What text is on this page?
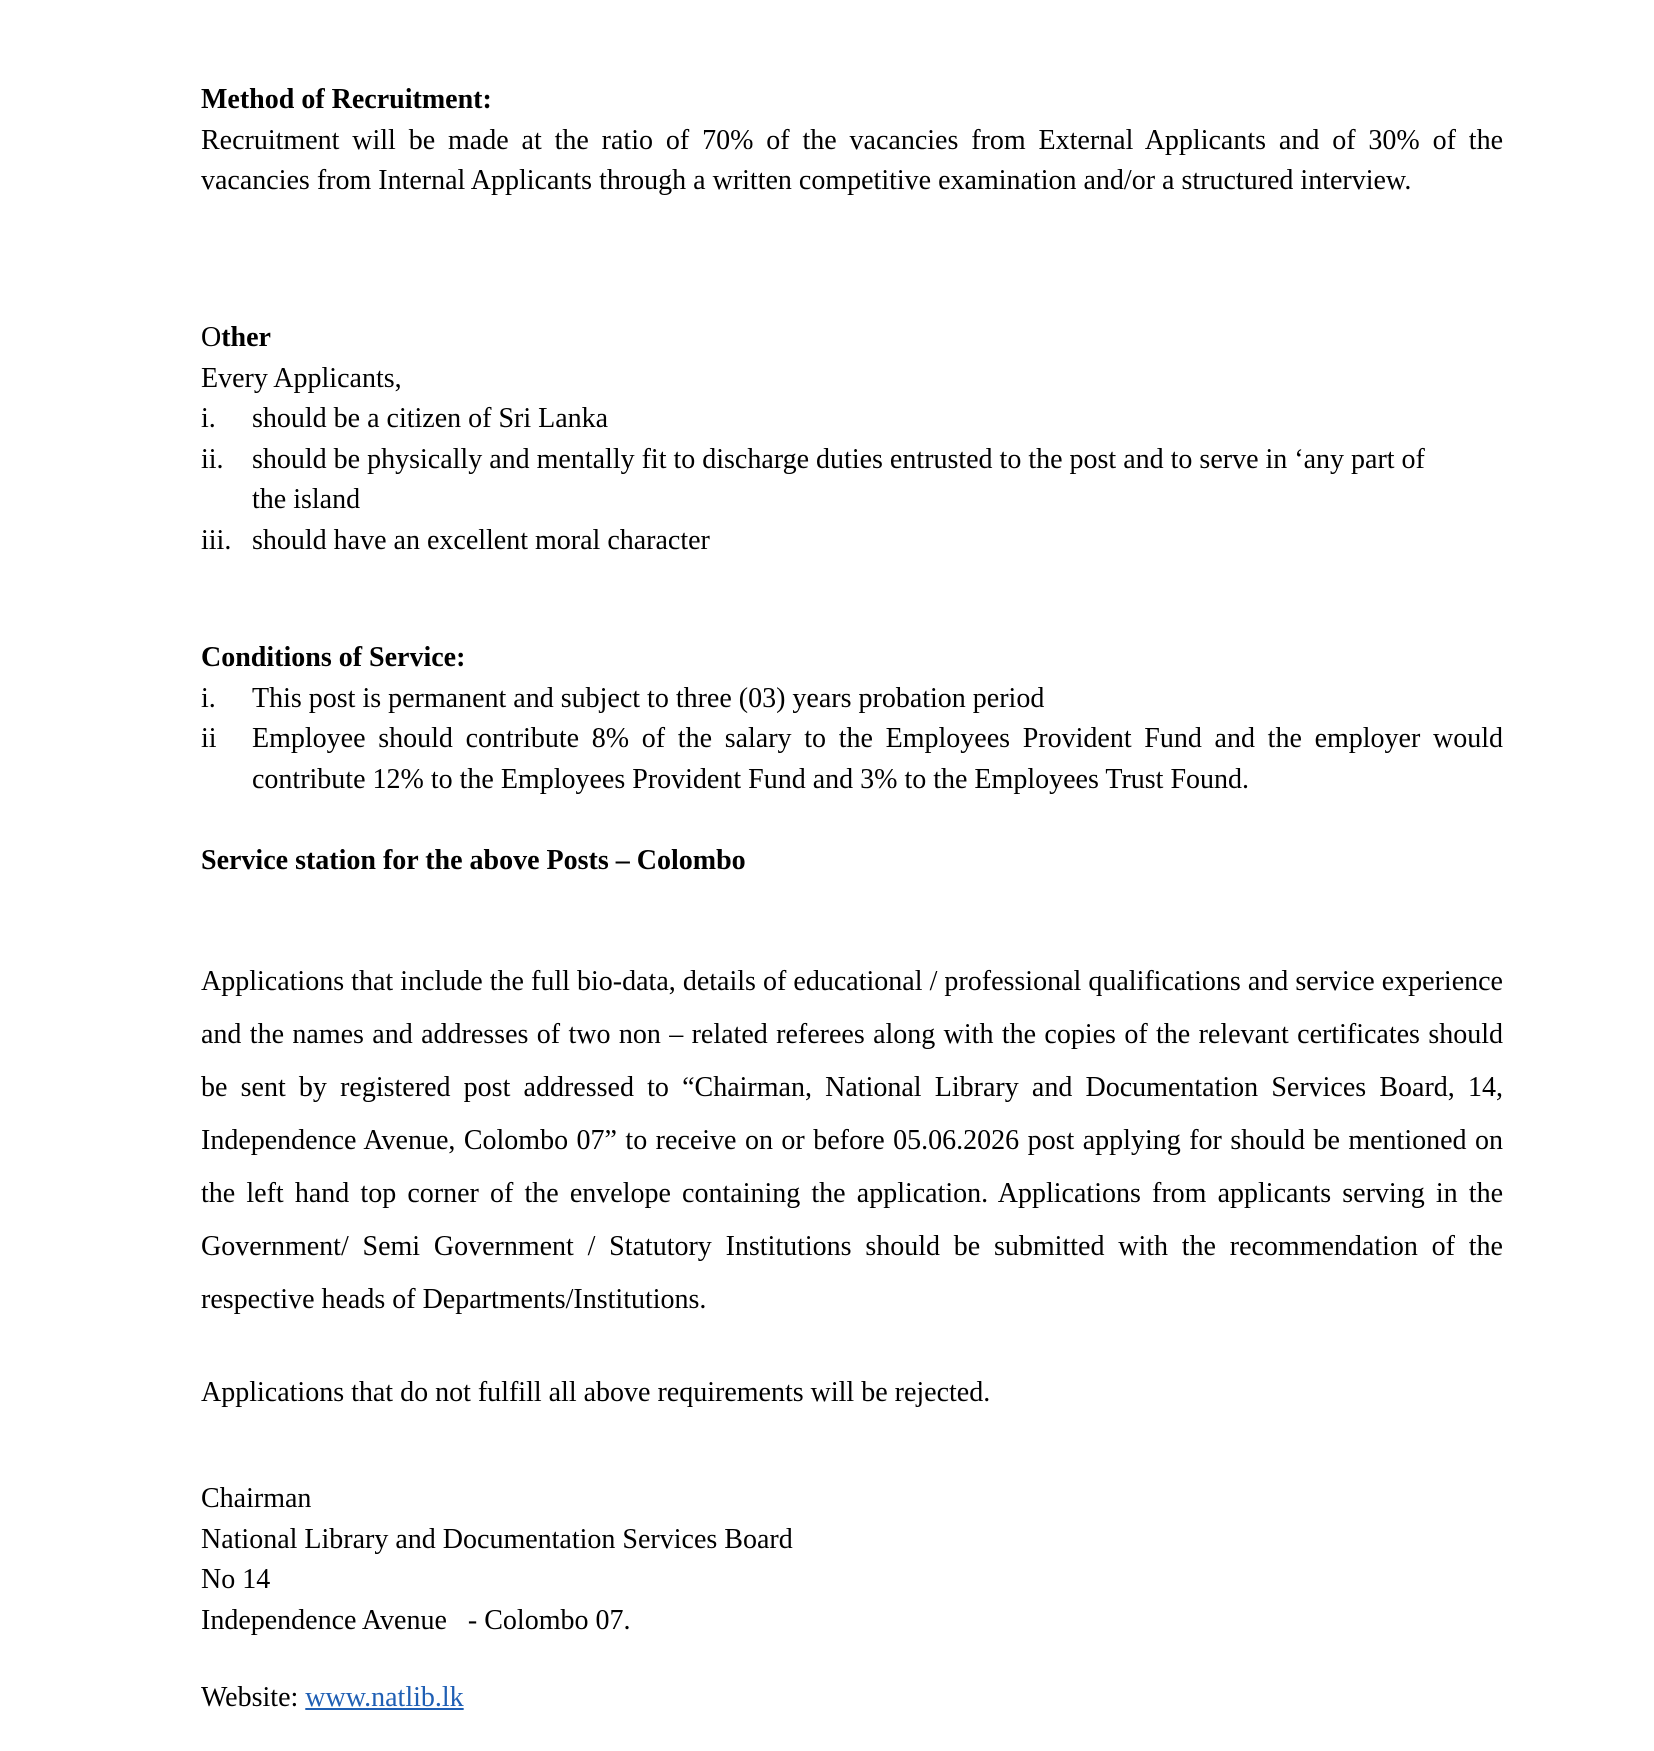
Method of Recruitment:

Recruitment will be made at the ratio of 70% of the vacancies from External Applicants and of 30% of the vacancies from Internal Applicants through a written competitive examination and/or a structured interview.

Other

Every Applicants,

i. should be a citizen of Sri Lanka
ii. should be physically and mentally fit to discharge duties entrusted to the post and to serve in ‘any part of the island
iii. should have an excellent moral character

Conditions of Service:

i. This post is permanent and subject to three (03) years probation period
ii Employee should contribute 8% of the salary to the Employees Provident Fund and the employer would contribute 12% to the Employees Provident Fund and 3% to the Employees Trust Found.

Service station for the above Posts – Colombo

Applications that include the full bio-data, details of educational / professional qualifications and service experience and the names and addresses of two non – related referees along with the copies of the relevant certificates should be sent by registered post addressed to “Chairman, National Library and Documentation Services Board, 14, Independence Avenue, Colombo 07” to receive on or before 05.06.2026 post applying for should be mentioned on the left hand top corner of the envelope containing the application. Applications from applicants serving in the Government/ Semi Government / Statutory Institutions should be submitted with the recommendation of the respective heads of Departments/Institutions.

Applications that do not fulfill all above requirements will be rejected.

Chairman

National Library and Documentation Services Board

No 14

Independence Avenue   - Colombo 07.

Website: www.natlib.lk
